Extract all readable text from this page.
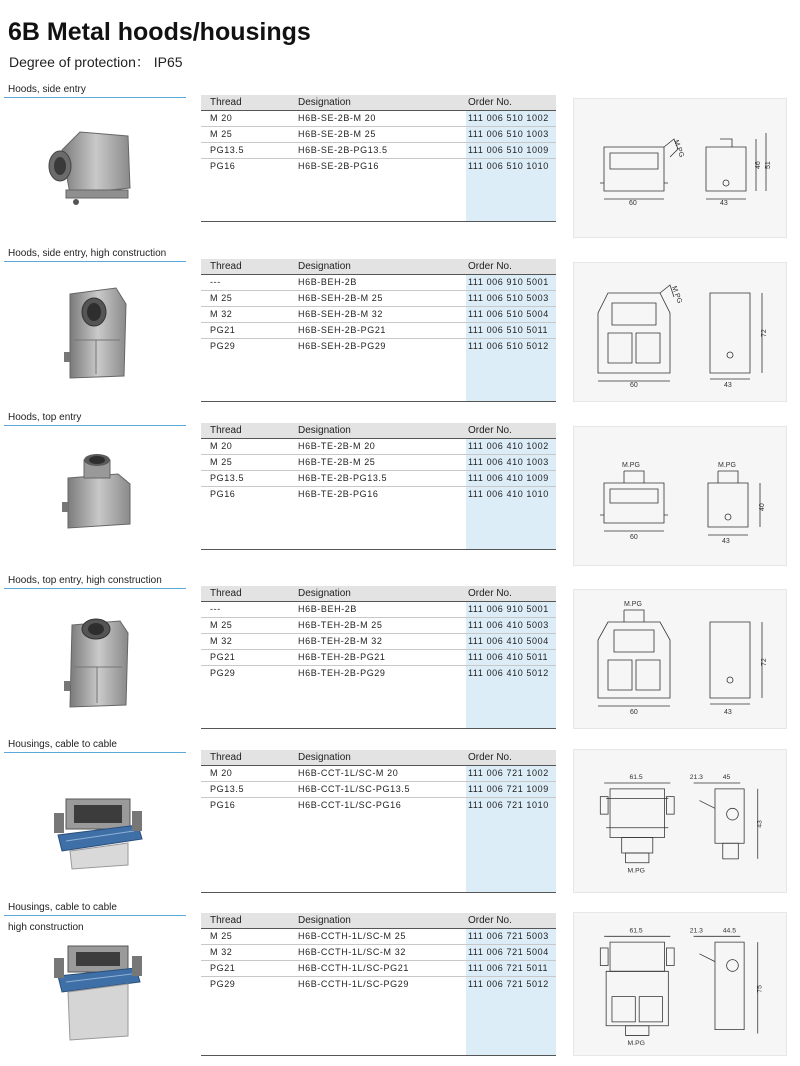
6B Metal hoods/housings
Degree of protection： IP65
Hoods, side entry
Thread	Designation	Order No.
M 20	H6B-SE-2B-M 20	111 006 510 1002
M 25	H6B-SE-2B-M 25	111 006 510 1003
PG13.5	H6B-SE-2B-PG13.5	111 006 510 1009
PG16	H6B-SE-2B-PG16	111 006 510 1010
60
M PG
43
46 51
Hoods, side entry, high construction
Thread	Designation	Order No.
---	H6B-BEH-2B	111 006 910 5001
M 25	H6B-SEH-2B-M 25	111 006 510 5003
M 32	H6B-SEH-2B-M 32	111 006 510 5004
PG21	H6B-SEH-2B-PG21	111 006 510 5011
PG29	H6B-SEH-2B-PG29	111 006 510 5012
60
M PG
43
72
Hoods, top entry
Thread	Designation	Order No.
M 20	H6B-TE-2B-M 20	111 006 410 1002
M 25	H6B-TE-2B-M 25	111 006 410 1003
PG13.5	H6B-TE-2B-PG13.5	111 006 410 1009
PG16	H6B-TE-2B-PG16	111 006 410 1010
M.PG
60
M.PG
43
40
Hoods, top entry, high construction
Thread	Designation	Order No.
---	H6B-BEH-2B	111 006 910 5001
M 25	H6B-TEH-2B-M 25	111 006 410 5003
M 32	H6B-TEH-2B-M 32	111 006 410 5004
PG21	H6B-TEH-2B-PG21	111 006 410 5011
PG29	H6B-TEH-2B-PG29	111 006 410 5012
M.PG
60	43
72
Housings, cable to cable
Thread	Designation	Order No.
M 20	H6B-CCT-1L/SC-M 20	111 006 721 1002
PG13.5	H6B-CCT-1L/SC-PG13.5	111 006 721 1009
PG16	H6B-CCT-1L/SC-PG16	111 006 721 1010
61.5
M.PG
21.3	45
43
Housings, cable to cable
high construction
Thread	Designation	Order No.
M 25	H6B-CCTH-1L/SC-M 25	111 006 721 5003
M 32	H6B-CCTH-1L/SC-M 32	111 006 721 5004
PG21	H6B-CCTH-1L/SC-PG21	111 006 721 5011
PG29	H6B-CCTH-1L/SC-PG29	111 006 721 5012
61.5
M.PG
21.3	44.5
75
